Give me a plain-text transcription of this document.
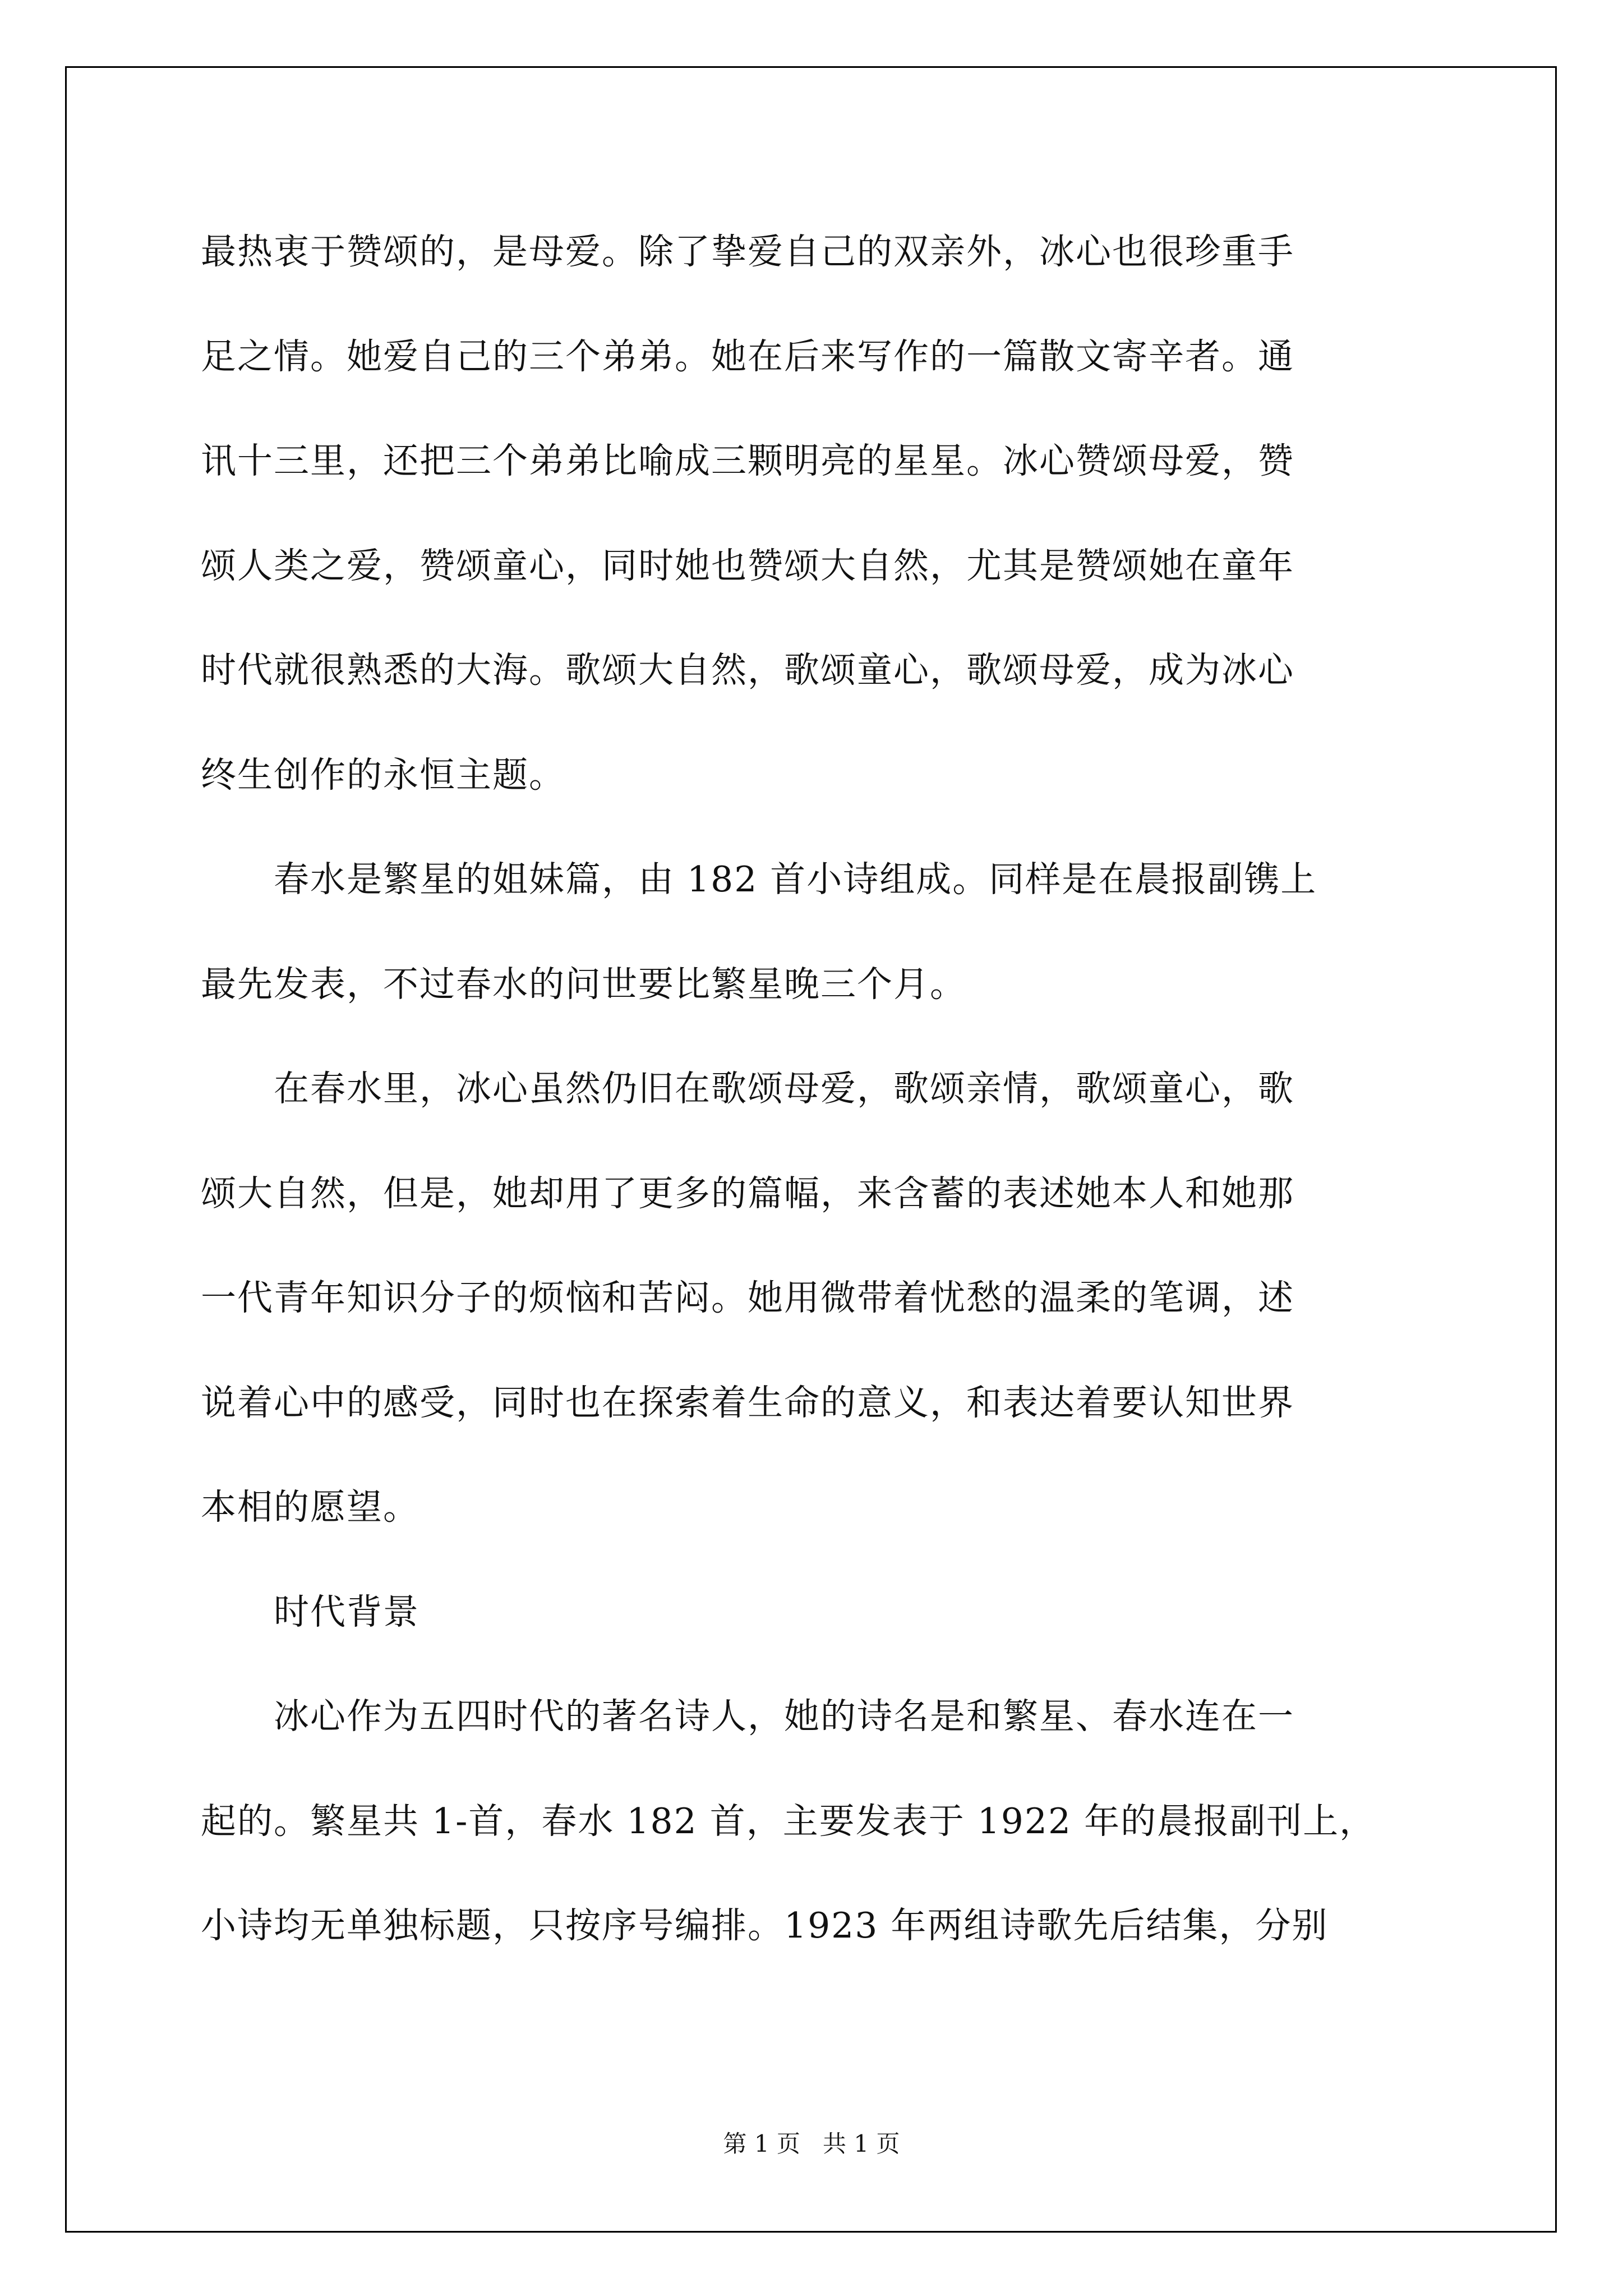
最热衷于赞颂的，是母爱。除了挚爱自己的双亲外，冰心也很珍重手

足之情。她爱自己的三个弟弟。她在后来写作的一篇散文寄辛者。通

讯十三里，还把三个弟弟比喻成三颗明亮的星星。冰心赞颂母爱，赞

颂人类之爱，赞颂童心，同时她也赞颂大自然，尤其是赞颂她在童年

时代就很熟悉的大海。歌颂大自然，歌颂童心，歌颂母爱，成为冰心

终生创作的永恒主题。

　　春水是繁星的姐妹篇，由 182 首小诗组成。同样是在晨报副镌上

最先发表，不过春水的问世要比繁星晚三个月。

　　在春水里，冰心虽然仍旧在歌颂母爱，歌颂亲情，歌颂童心，歌

颂大自然，但是，她却用了更多的篇幅，来含蓄的表述她本人和她那

一代青年知识分子的烦恼和苦闷。她用微带着忧愁的温柔的笔调，述

说着心中的感受，同时也在探索着生命的意义，和表达着要认知世界

本相的愿望。

　　时代背景

　　冰心作为五四时代的著名诗人，她的诗名是和繁星、春水连在一

起的。繁星共 1-首，春水 182 首，主要发表于 1922 年的晨报副刊上，

小诗均无单独标题，只按序号编排。1923 年两组诗歌先后结集，分别

第 1 页 共 1 页
